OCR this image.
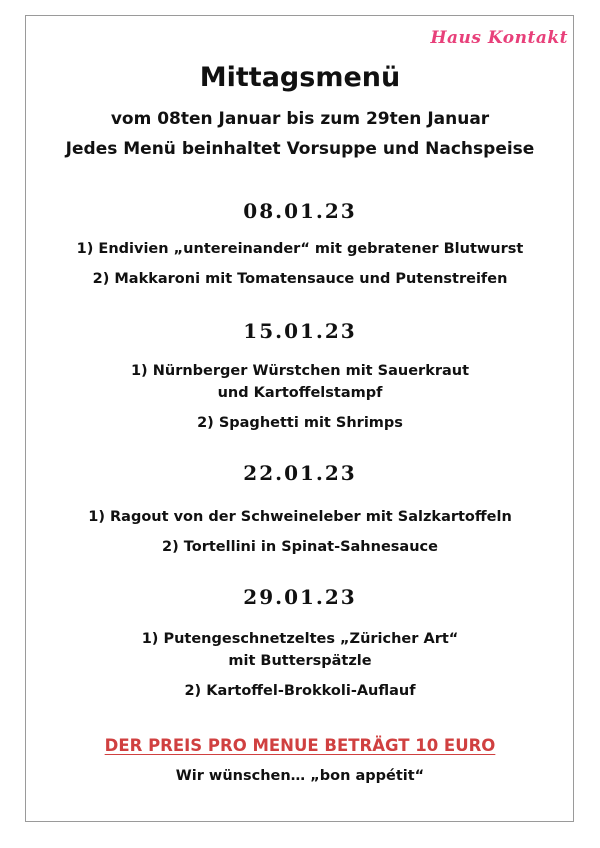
Haus Kontakt

Mittagsmenü

vom 08ten Januar bis zum 29ten Januar

Jedes Menü beinhaltet Vorsuppe und Nachspeise

08.01.23

1) Endivien „untereinander“ mit gebratener Blutwurst

2) Makkaroni mit Tomatensauce und Putenstreifen

15.01.23

1) Nürnberger Würstchen mit Sauerkraut

und Kartoffelstampf

2) Spaghetti mit Shrimps

22.01.23

1) Ragout von der Schweineleber mit Salzkartoffeln

2) Tortellini in Spinat-Sahnesauce

29.01.23

1) Putengeschnetzeltes „Züricher Art“

mit Butterspätzle

2) Kartoffel-Brokkoli-Auflauf

DER PREIS PRO MENUE BETRÄGT 10 EURO
Wir wünschen… „bon appétit“
